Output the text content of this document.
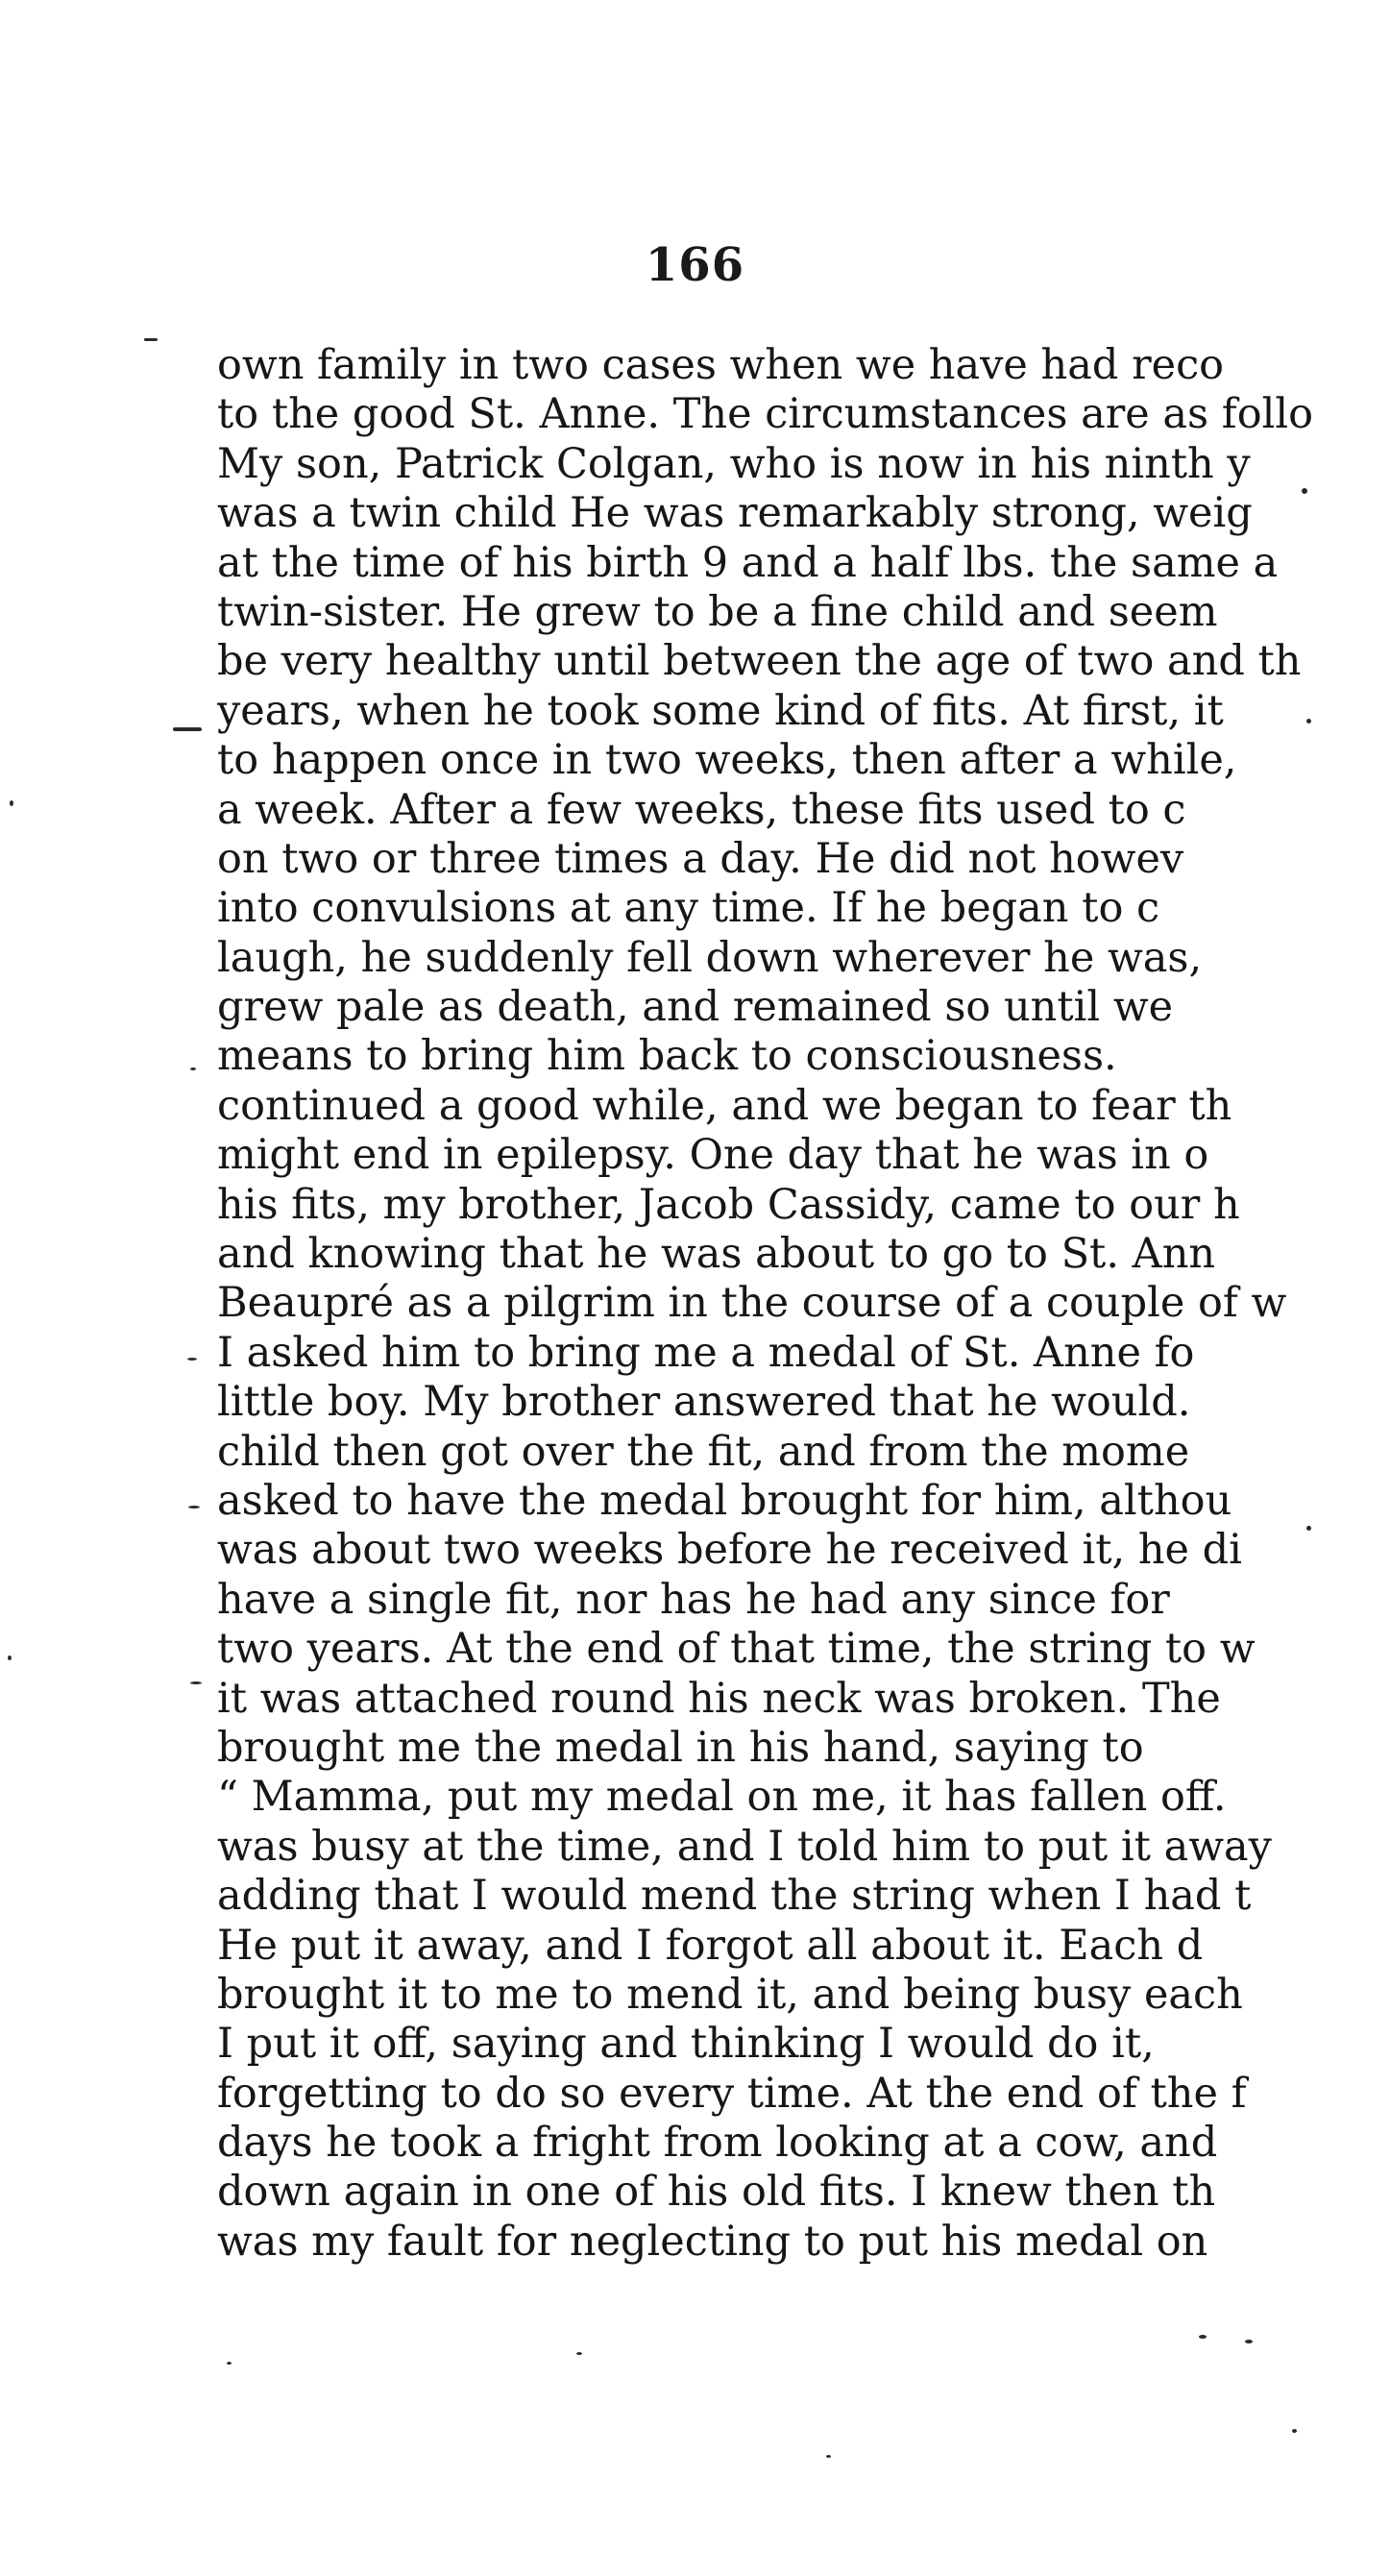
166
own family in two cases when we have had reco
to the good St. Anne. The circumstances are as follo
My son, Patrick Colgan, who is now in his ninth y
was a twin child He was remarkably strong, weig
at the time of his birth 9 and a half lbs. the same a
twin-sister. He grew to be a fine child and seem
be very healthy until between the age of two and th
years, when he took some kind of fits. At first, it
to happen once in two weeks, then after a while,
a week. After a few weeks, these fits used to c
on two or three times a day. He did not howev
into convulsions at any time. If he began to c
laugh, he suddenly fell down wherever he was,
grew pale as death, and remained so until we
means to bring him back to consciousness.
continued a good while, and we began to fear th
might end in epilepsy. One day that he was in o
his fits, my brother, Jacob Cassidy, came to our h
and knowing that he was about to go to St. Ann
Beaupré as a pilgrim in the course of a couple of w
I asked him to bring me a medal of St. Anne fo
little boy. My brother answered that he would.
child then got over the fit, and from the mome
asked to have the medal brought for him, althou
was about two weeks before he received it, he di
have a single fit, nor has he had any since for
two years. At the end of that time, the string to w
it was attached round his neck was broken. The
brought me the medal in his hand, saying to
“ Mamma, put my medal on me, it has fallen off.
was busy at the time, and I told him to put it away
adding that I would mend the string when I had t
He put it away, and I forgot all about it. Each d
brought it to me to mend it, and being busy each
I put it off, saying and thinking I would do it,
forgetting to do so every time. At the end of the f
days he took a fright from looking at a cow, and
down again in one of his old fits. I knew then th
was my fault for neglecting to put his medal on
